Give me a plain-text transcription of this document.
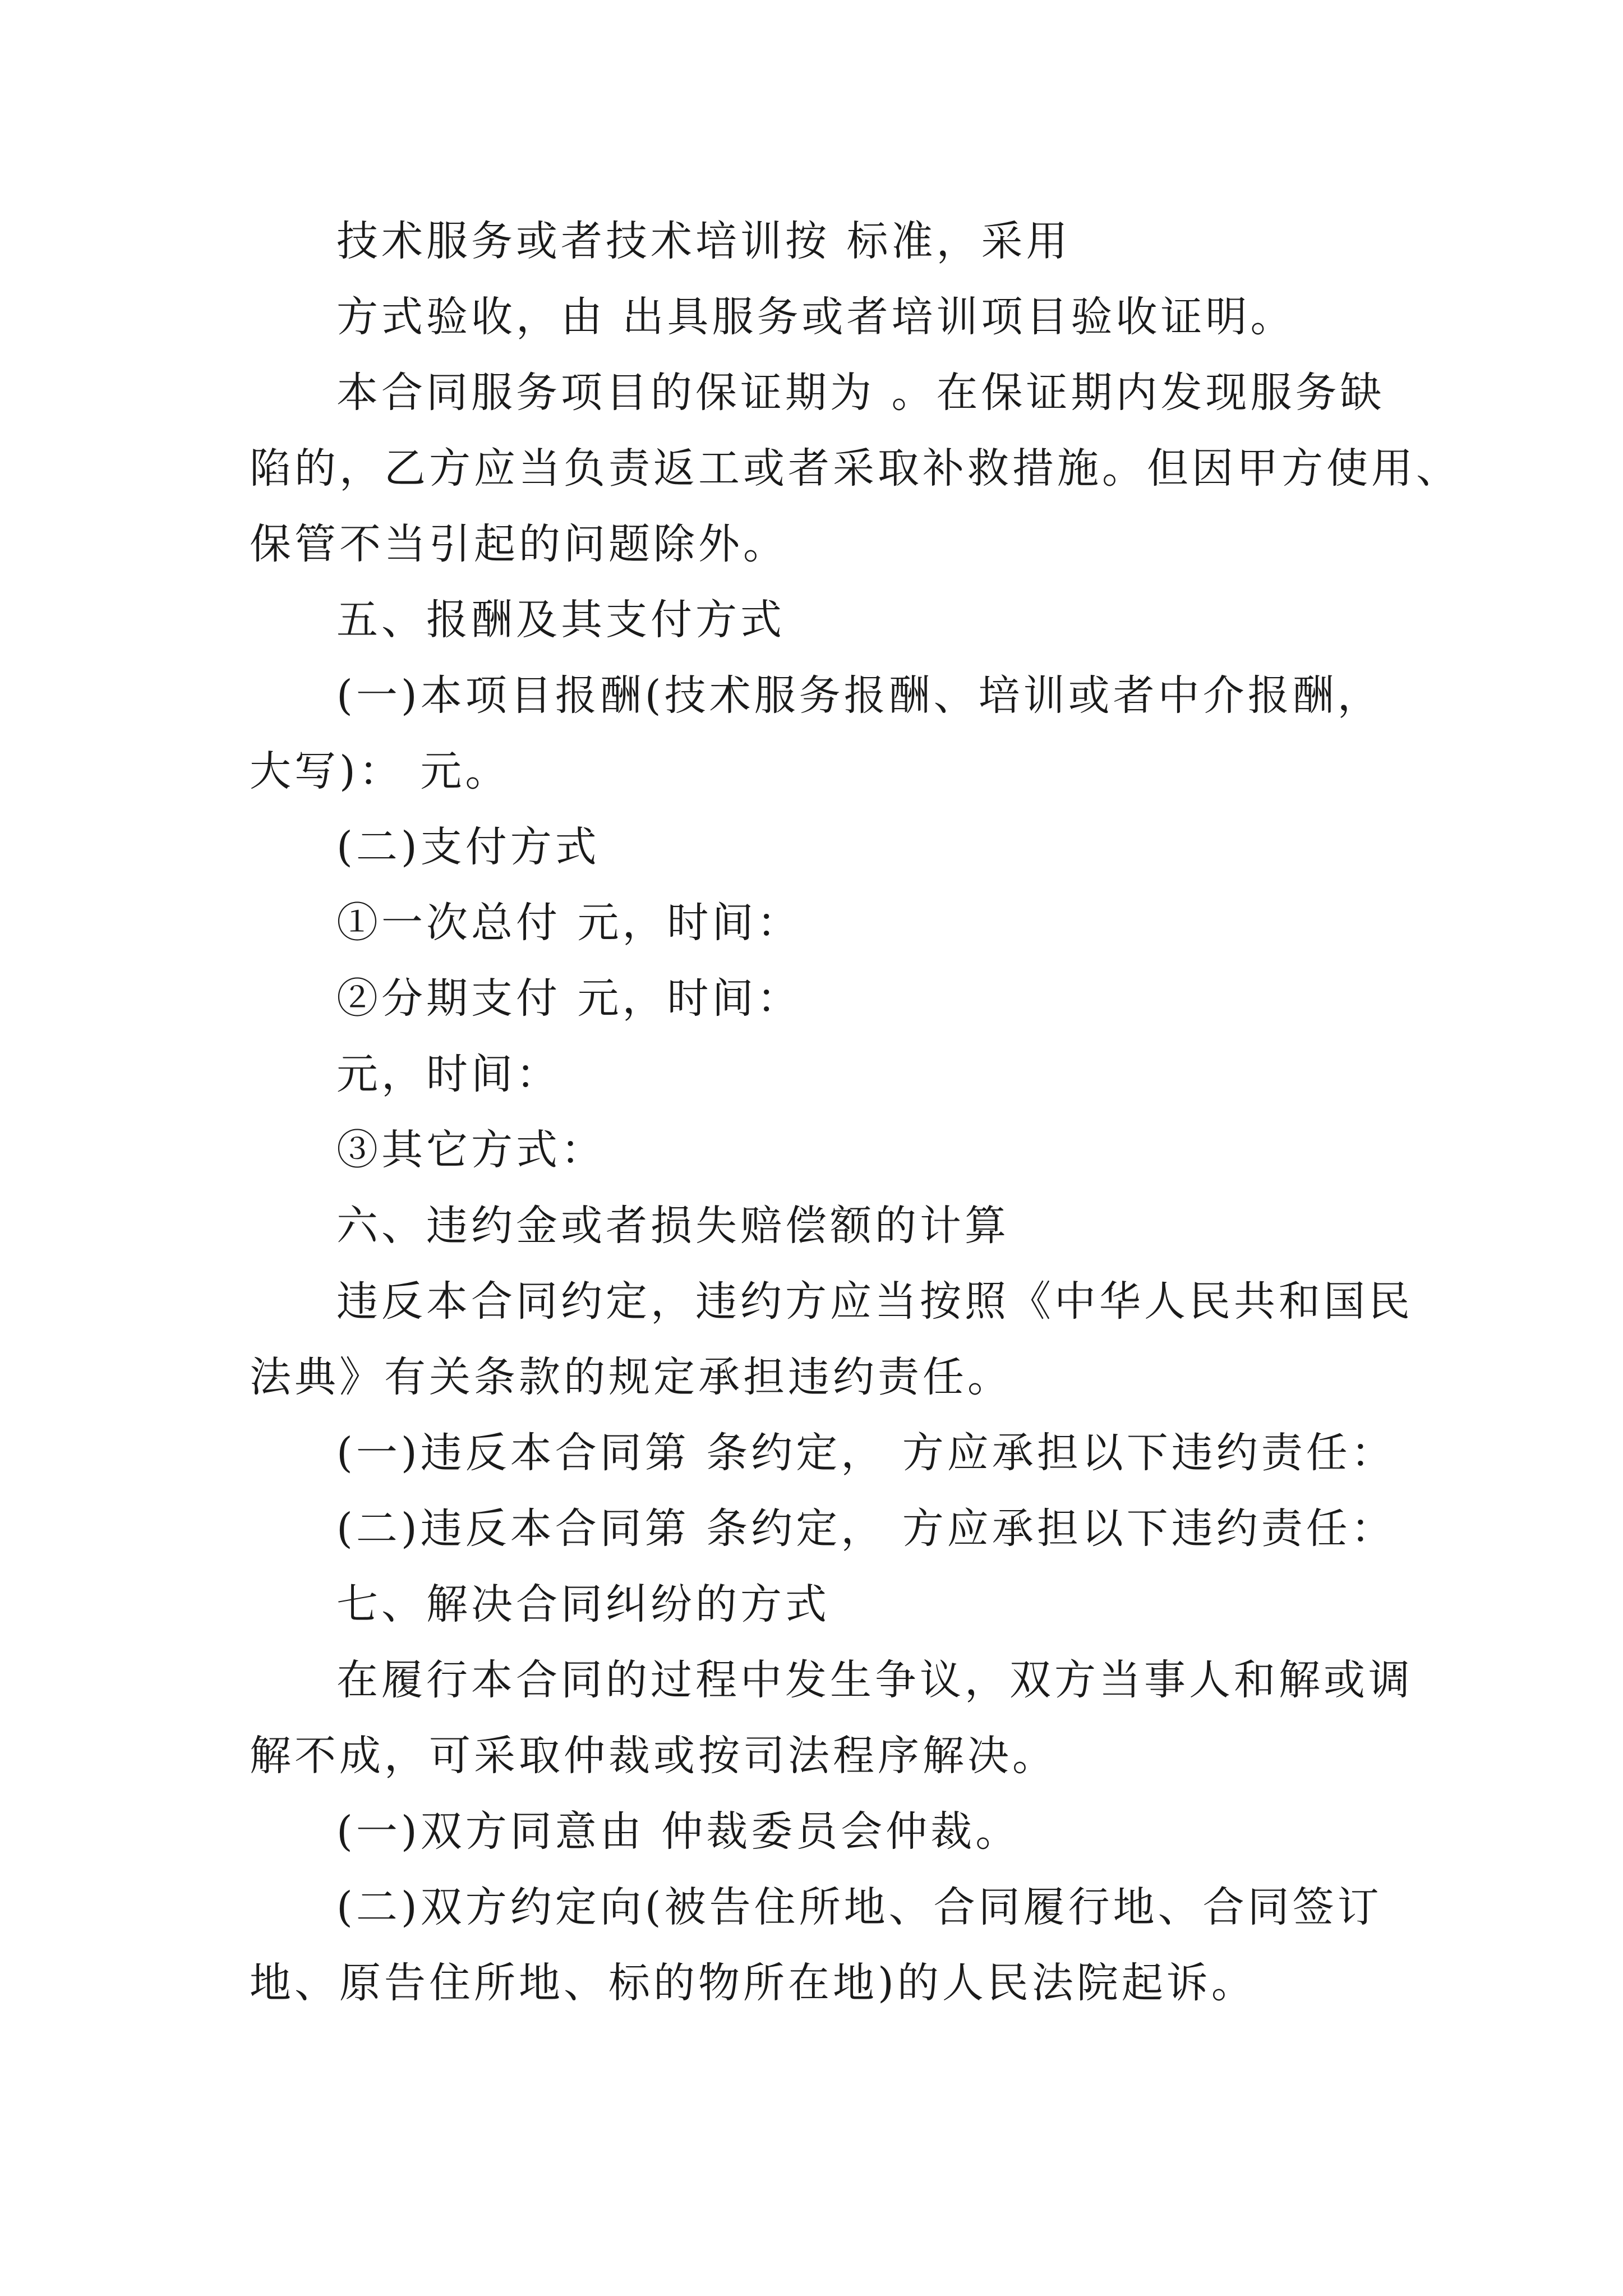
技术服务或者技术培训按 标准，采用
方式验收，由 出具服务或者培训项目验收证明。
本合同服务项目的保证期为 。在保证期内发现服务缺
陷的，乙方应当负责返工或者采取补救措施。但因甲方使用、
保管不当引起的问题除外。
五、报酬及其支付方式
(一)本项目报酬(技术服务报酬、培训或者中介报酬，
大写)： 元。
(二)支付方式
①一次总付 元，时间：
②分期支付 元，时间：
元，时间：
③其它方式：
六、违约金或者损失赔偿额的计算
违反本合同约定，违约方应当按照《中华人民共和国民
法典》有关条款的规定承担违约责任。
(一)违反本合同第 条约定， 方应承担以下违约责任：
(二)违反本合同第 条约定， 方应承担以下违约责任：
七、解决合同纠纷的方式
在履行本合同的过程中发生争议，双方当事人和解或调
解不成，可采取仲裁或按司法程序解决。
(一)双方同意由 仲裁委员会仲裁。
(二)双方约定向(被告住所地、合同履行地、合同签订
地、原告住所地、标的物所在地)的人民法院起诉。
